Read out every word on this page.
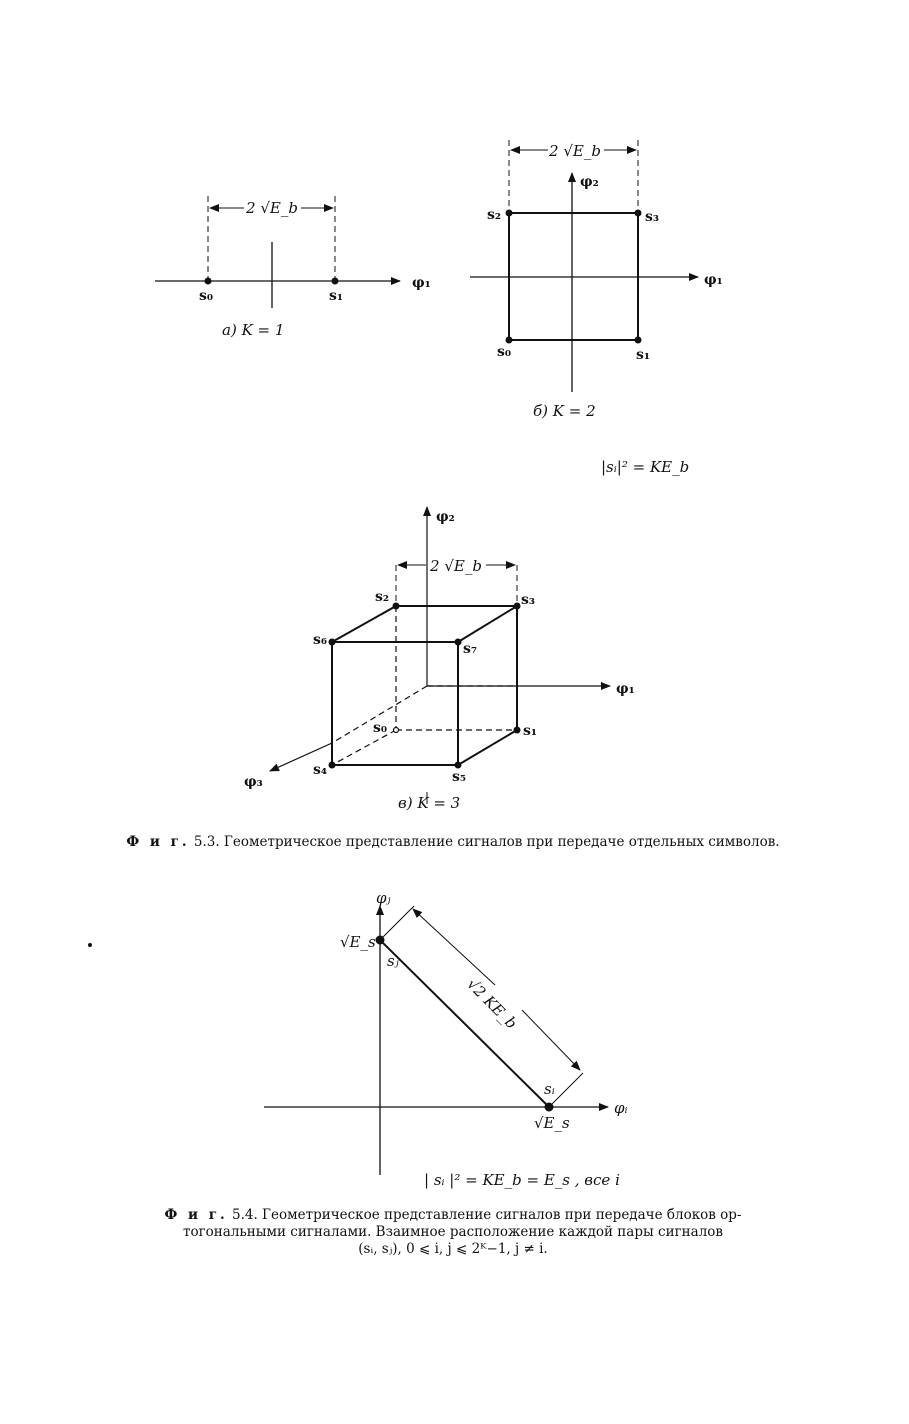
2 √E_b
s₀	s₁
φ₁
a) K = 1
2 √E_b
φ₂
φ₁
s₂	s₃
s₀	s₁
б) K = 2
|sᵢ|² = KE_b
2 √E_b
φ₂
φ₁
φ₃
s₂	s₃
s₆
s₇
s₀	s₁
s₄	s₅
в) K = 3
φⱼ
φᵢ
√E_s
sⱼ
sᵢ
√E_s
√2 KE_b
| sᵢ |² = KE_b = E_s , все i
Ф и г. 5.3. Геометрическое представление сигналов при передаче отдельных символов.
Ф и г. 5.4. Геометрическое представление сигналов при передаче блоков ор-
тогональными сигналами. Взаимное расположение каждой пары сигналов
(sᵢ, sⱼ), 0 ⩽ i, j ⩽ 2ᴷ−1, j ≠ i.
